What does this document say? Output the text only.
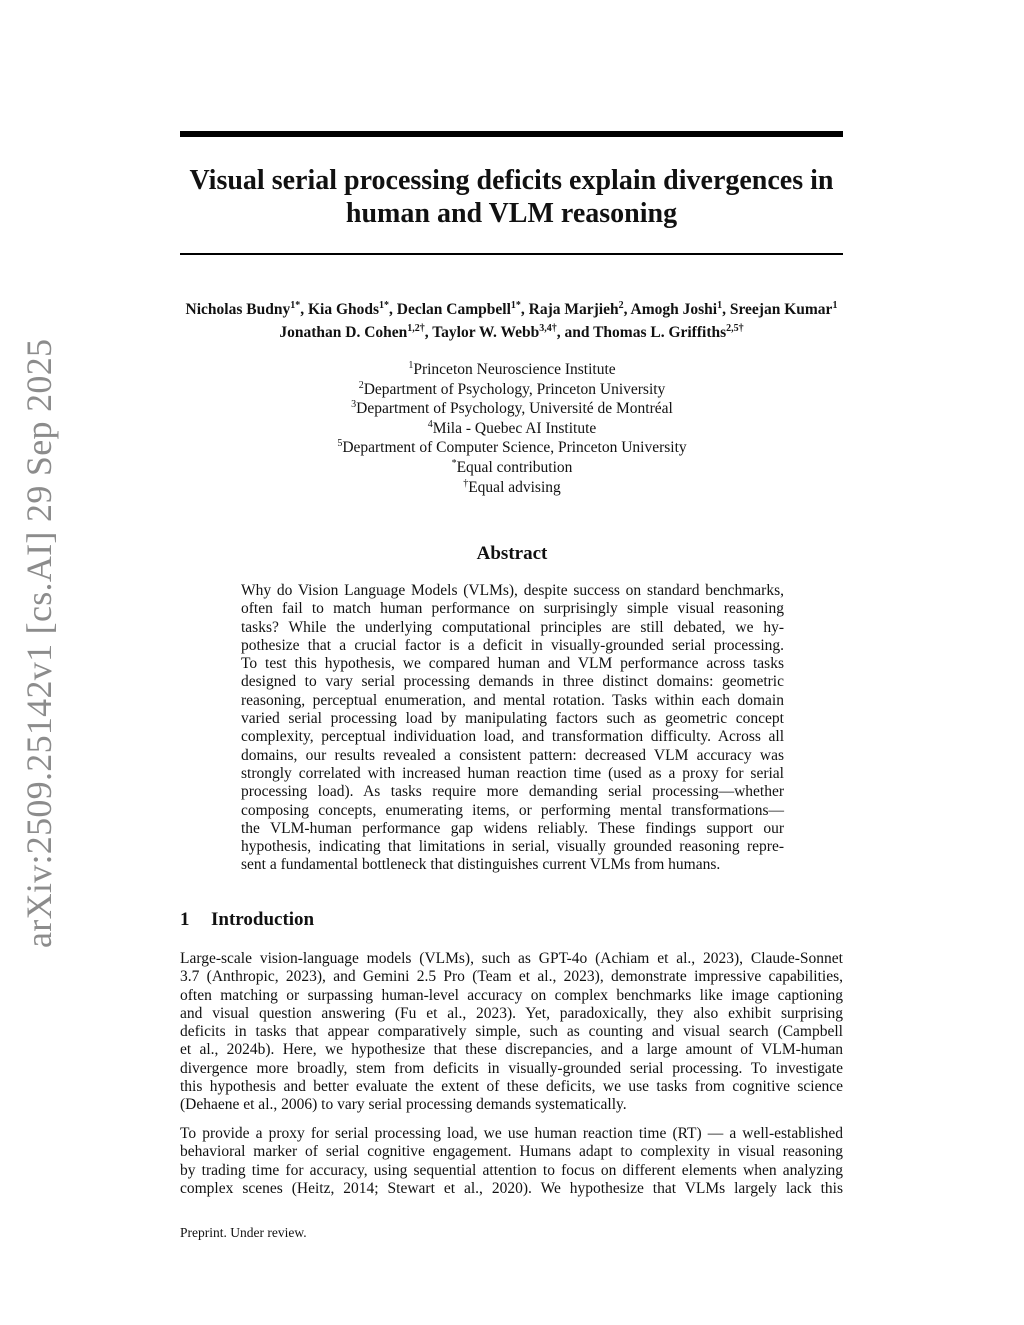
arXiv:2509.25142v1 [cs.AI] 29 Sep 2025
Visual serial processing deficits explain divergences in
human and VLM reasoning
Nicholas Budny$^{1*}$, Kia Ghods$^{1*}$, Declan Campbell$^{1*}$, Raja Marjieh$^2$, Amogh Joshi$^1$, Sreejan Kumar$^1$
Jonathan D. Cohen$^{1,2\dagger}$, Taylor W. Webb$^{3,4\dagger}$, and Thomas L. Griffiths$^{2,5\dagger}$
$^1$Princeton Neuroscience Institute
$^2$Department of Psychology, Princeton University
$^3$Department of Psychology, Université de Montréal
$^4$Mila - Quebec AI Institute
$^5$Department of Computer Science, Princeton University
*Equal contribution
†Equal advising
Abstract

Why do Vision Language Models (VLMs), despite success on standard benchmarks,
often fail to match human performance on surprisingly simple visual reasoning
tasks? While the underlying computational principles are still debated, we hy-
pothesize that a crucial factor is a deficit in visually-grounded serial processing.
To test this hypothesis, we compared human and VLM performance across tasks
designed to vary serial processing demands in three distinct domains: geometric
reasoning, perceptual enumeration, and mental rotation. Tasks within each domain
varied serial processing load by manipulating factors such as geometric concept
complexity, perceptual individuation load, and transformation difficulty. Across all
domains, our results revealed a consistent pattern: decreased VLM accuracy was
strongly correlated with increased human reaction time (used as a proxy for serial
processing load). As tasks require more demanding serial processing—whether
composing concepts, enumerating items, or performing mental transformations—
the VLM-human performance gap widens reliably. These findings support our
hypothesis, indicating that limitations in serial, visually grounded reasoning repre-
sent a fundamental bottleneck that distinguishes current VLMs from humans.

1 Introduction

Large-scale vision-language models (VLMs), such as GPT-4o (Achiam et al., 2023), Claude-Sonnet
3.7 (Anthropic, 2023), and Gemini 2.5 Pro (Team et al., 2023), demonstrate impressive capabilities,
often matching or surpassing human-level accuracy on complex benchmarks like image captioning
and visual question answering (Fu et al., 2023). Yet, paradoxically, they also exhibit surprising
deficits in tasks that appear comparatively simple, such as counting and visual search (Campbell
et al., 2024b). Here, we hypothesize that these discrepancies, and a large amount of VLM-human
divergence more broadly, stem from deficits in visually-grounded serial processing. To investigate
this hypothesis and better evaluate the extent of these deficits, we use tasks from cognitive science
(Dehaene et al., 2006) to vary serial processing demands systematically.

To provide a proxy for serial processing load, we use human reaction time (RT) — a well-established
behavioral marker of serial cognitive engagement. Humans adapt to complexity in visual reasoning
by trading time for accuracy, using sequential attention to focus on different elements when analyzing
complex scenes (Heitz, 2014; Stewart et al., 2020). We hypothesize that VLMs largely lack this

Preprint. Under review.
